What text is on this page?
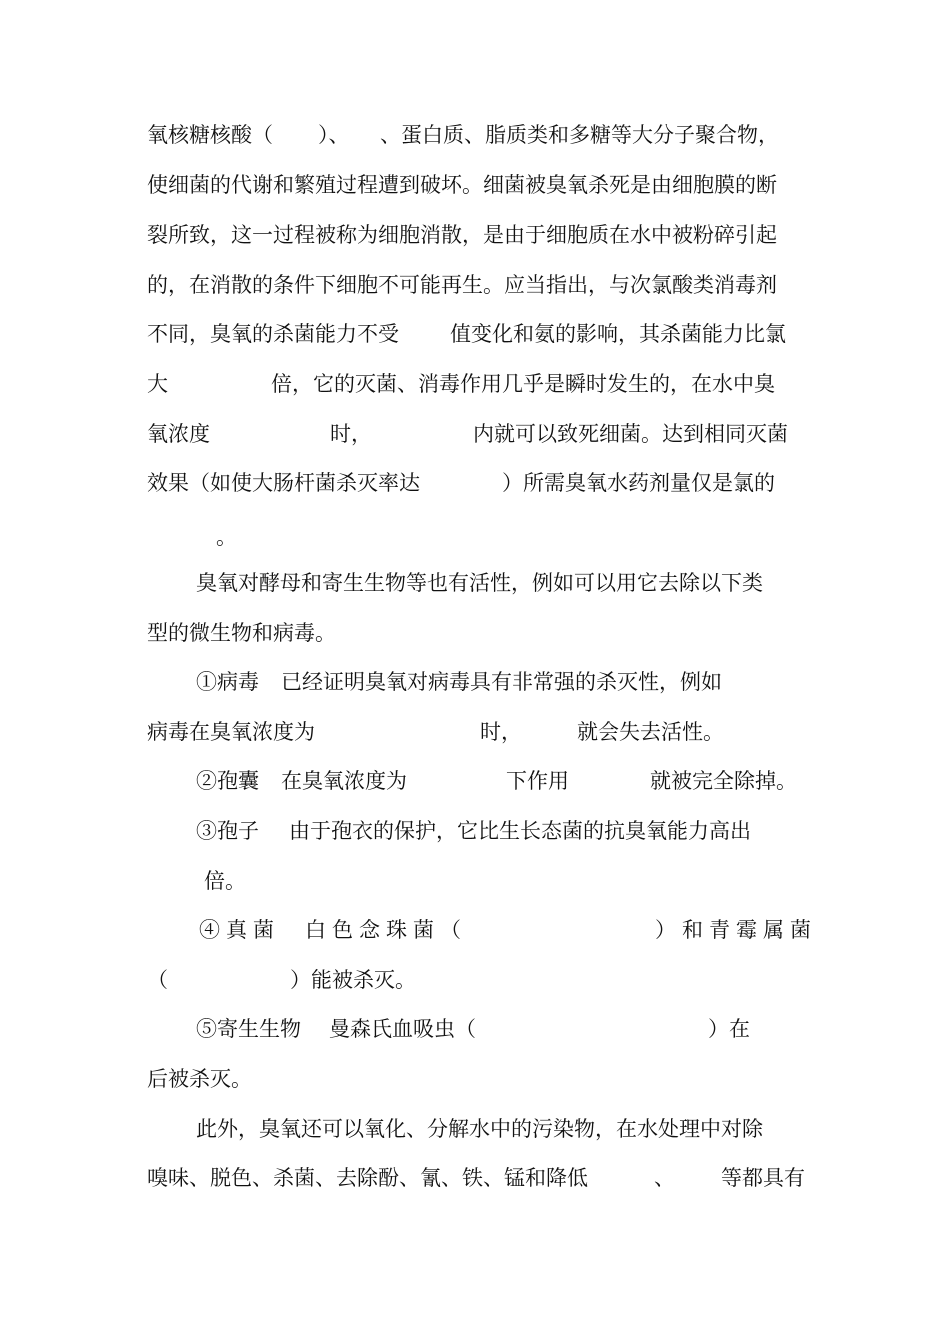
氧核糖核酸（

）、

、蛋白质、脂质类和多糖等大分子聚合物，

使细菌的代谢和繁殖过程遭到破坏。细菌被臭氧杀死是由细胞膜的断

裂所致，这一过程被称为细胞消散，是由于细胞质在水中被粉碎引起

的，在消散的条件下细胞不可能再生。应当指出，与次氯酸类消毒剂

不同，臭氧的杀菌能力不受

值变化和氨的影响，其杀菌能力比氯

大

	倍，它的灭菌、消毒作用几乎是瞬时发生的，在水中臭

氧浓度

	时，

	内就可以致死细菌。达到相同灭菌

效果（如使大肠杆菌杀灭率达

	）所需臭氧水药剂量仅是氯的

。

臭氧对酵母和寄生生物等也有活性，例如可以用它去除以下类

型的微生物和病毒。

①病毒

已经证明臭氧对病毒具有非常强的杀灭性，例如

病毒在臭氧浓度为

	时，

	就会失去活性。

②孢囊

在臭氧浓度为

	下作用

	就被完全除掉。

③孢子

由于孢衣的保护，它比生长态菌的抗臭氧能力高出

倍。

④真菌

白色念珠菌（

	）和青霉属菌

（

	）能被杀灭。

⑤寄生生物

曼森氏血吸虫（

	）在

后被杀灭。

此外，臭氧还可以氧化、分解水中的污染物，在水处理中对除

嗅味、脱色、杀菌、去除酚、氰、铁、锰和降低

	、

等都具有
